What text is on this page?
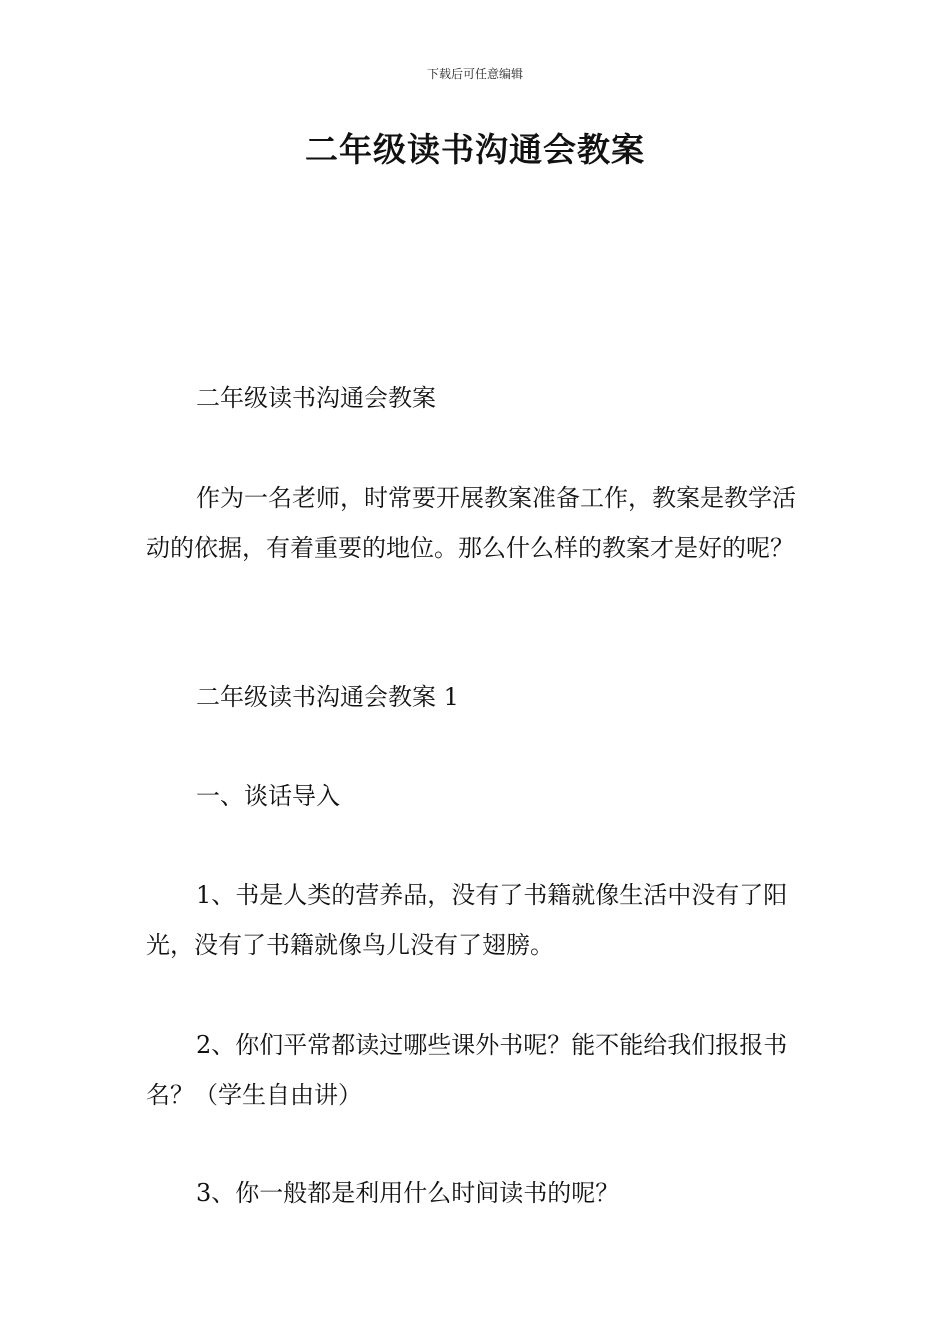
下载后可任意编辑
二年级读书沟通会教案

二年级读书沟通会教案

作为一名老师，时常要开展教案准备工作，教案是教学活动的依据，有着重要的地位。那么什么样的教案才是好的呢？

二年级读书沟通会教案 1

一、谈话导入

1、书是人类的营养品，没有了书籍就像生活中没有了阳光，没有了书籍就像鸟儿没有了翅膀。

2、你们平常都读过哪些课外书呢？能不能给我们报报书名？（学生自由讲）

3、你一般都是利用什么时间读书的呢？
